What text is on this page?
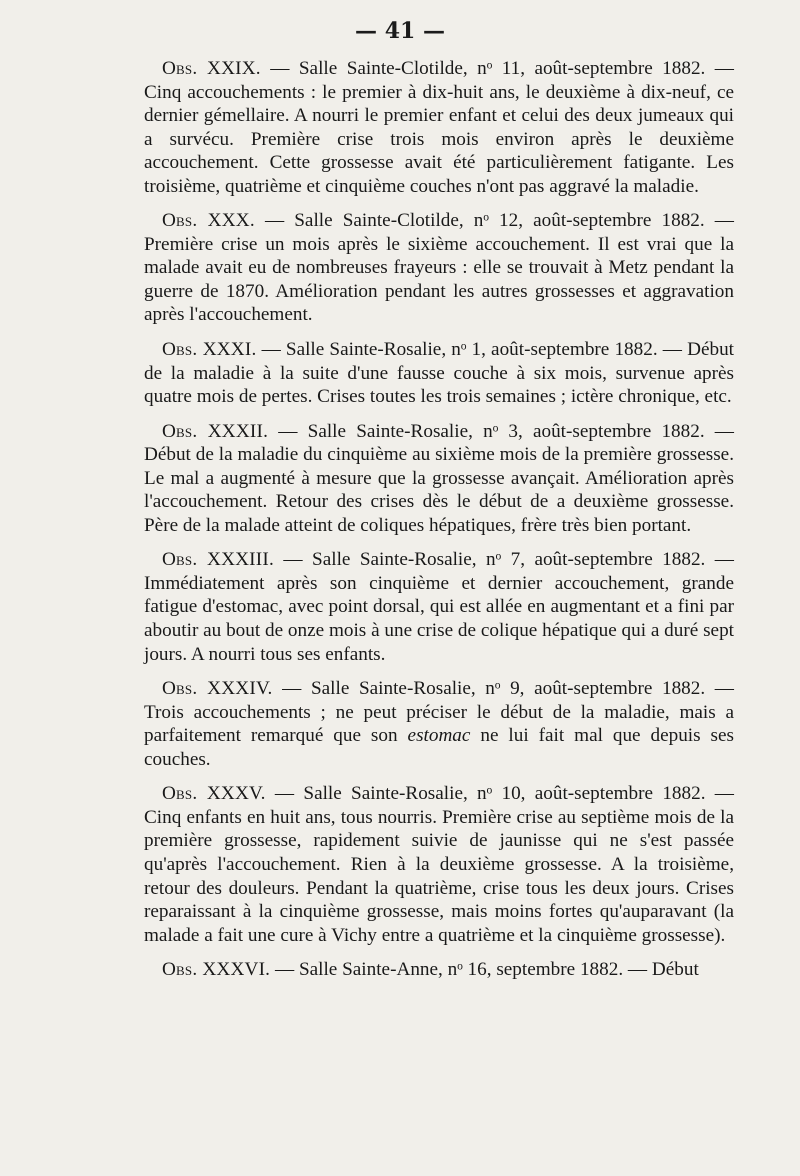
— 41 —

Obs. XXIX. — Salle Sainte-Clotilde, nᵒ 11, août-septembre 1882. — Cinq accouchements : le premier à dix-huit ans, le deuxième à dix-neuf, ce dernier gémellaire. A nourri le premier enfant et celui des deux jumeaux qui a survécu. Première crise trois mois environ après le deuxième accouchement. Cette grossesse avait été particulièrement fatigante. Les troisième, quatrième et cinquième couches n'ont pas aggravé la maladie.

Obs. XXX. — Salle Sainte-Clotilde, nᵒ 12, août-septembre 1882. — Première crise un mois après le sixième accouchement. Il est vrai que la malade avait eu de nombreuses frayeurs : elle se trouvait à Metz pendant la guerre de 1870. Amélioration pendant les autres grossesses et aggravation après l'accouchement.

Obs. XXXI. — Salle Sainte-Rosalie, nᵒ 1, août-septembre 1882. — Début de la maladie à la suite d'une fausse couche à six mois, survenue après quatre mois de pertes. Crises toutes les trois semaines ; ictère chronique, etc.

Obs. XXXII. — Salle Sainte-Rosalie, nᵒ 3, août-septembre 1882. — Début de la maladie du cinquième au sixième mois de la première grossesse. Le mal a augmenté à mesure que la grossesse avançait. Amélioration après l'accouchement. Retour des crises dès le début de a deuxième grossesse. Père de la malade atteint de coliques hépatiques, frère très bien portant.

Obs. XXXIII. — Salle Sainte-Rosalie, nᵒ 7, août-septembre 1882. — Immédiatement après son cinquième et dernier accouchement, grande fatigue d'estomac, avec point dorsal, qui est allée en augmentant et a fini par aboutir au bout de onze mois à une crise de colique hépatique qui a duré sept jours. A nourri tous ses enfants.

Obs. XXXIV. — Salle Sainte-Rosalie, nᵒ 9, août-septembre 1882. — Trois accouchements ; ne peut préciser le début de la maladie, mais a parfaitement remarqué que son estomac ne lui fait mal que depuis ses couches.

Obs. XXXV. — Salle Sainte-Rosalie, nᵒ 10, août-septembre 1882. — Cinq enfants en huit ans, tous nourris. Première crise au septième mois de la première grossesse, rapidement suivie de jaunisse qui ne s'est passée qu'après l'accouchement. Rien à la deuxième grossesse. A la troisième, retour des douleurs. Pendant la quatrième, crise tous les deux jours. Crises reparaissant à la cinquième grossesse, mais moins fortes qu'auparavant (la malade a fait une cure à Vichy entre a quatrième et la cinquième grossesse).

Obs. XXXVI. — Salle Sainte-Anne, nᵒ 16, septembre 1882. — Début
